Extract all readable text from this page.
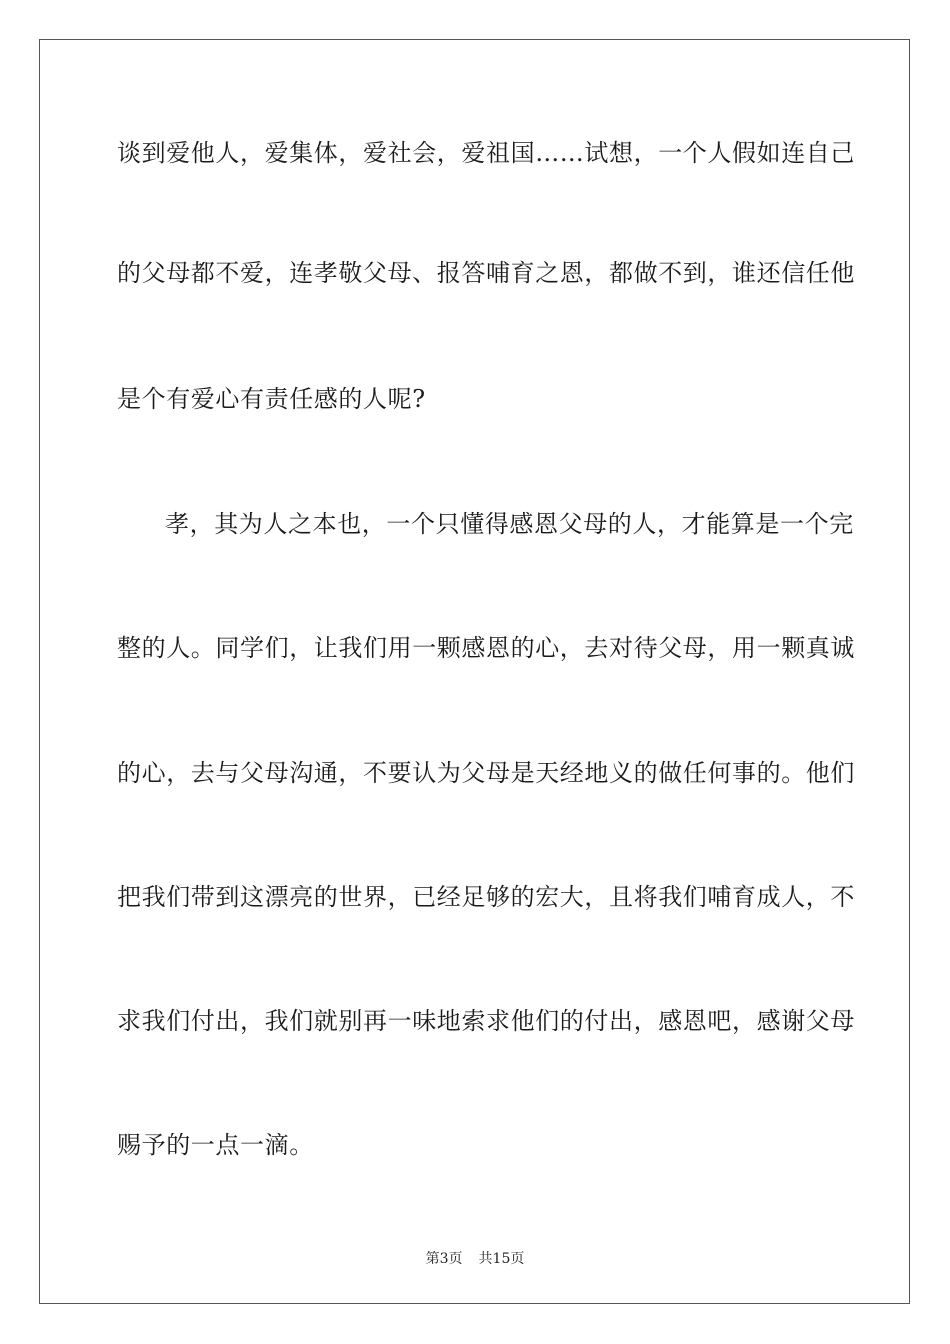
谈到爱他人，爱集体，爱社会，爱祖国……试想，一个人假如连自己
的父母都不爱，连孝敬父母、报答哺育之恩，都做不到，谁还信任他
是个有爱心有责任感的人呢?
孝，其为人之本也，一个只懂得感恩父母的人，才能算是一个完
整的人。同学们，让我们用一颗感恩的心，去对待父母，用一颗真诚
的心，去与父母沟通，不要认为父母是天经地义的做任何事的。他们
把我们带到这漂亮的世界，已经足够的宏大，且将我们哺育成人，不
求我们付出，我们就别再一味地索求他们的付出，感恩吧，感谢父母
赐予的一点一滴。
第3页 共15页
